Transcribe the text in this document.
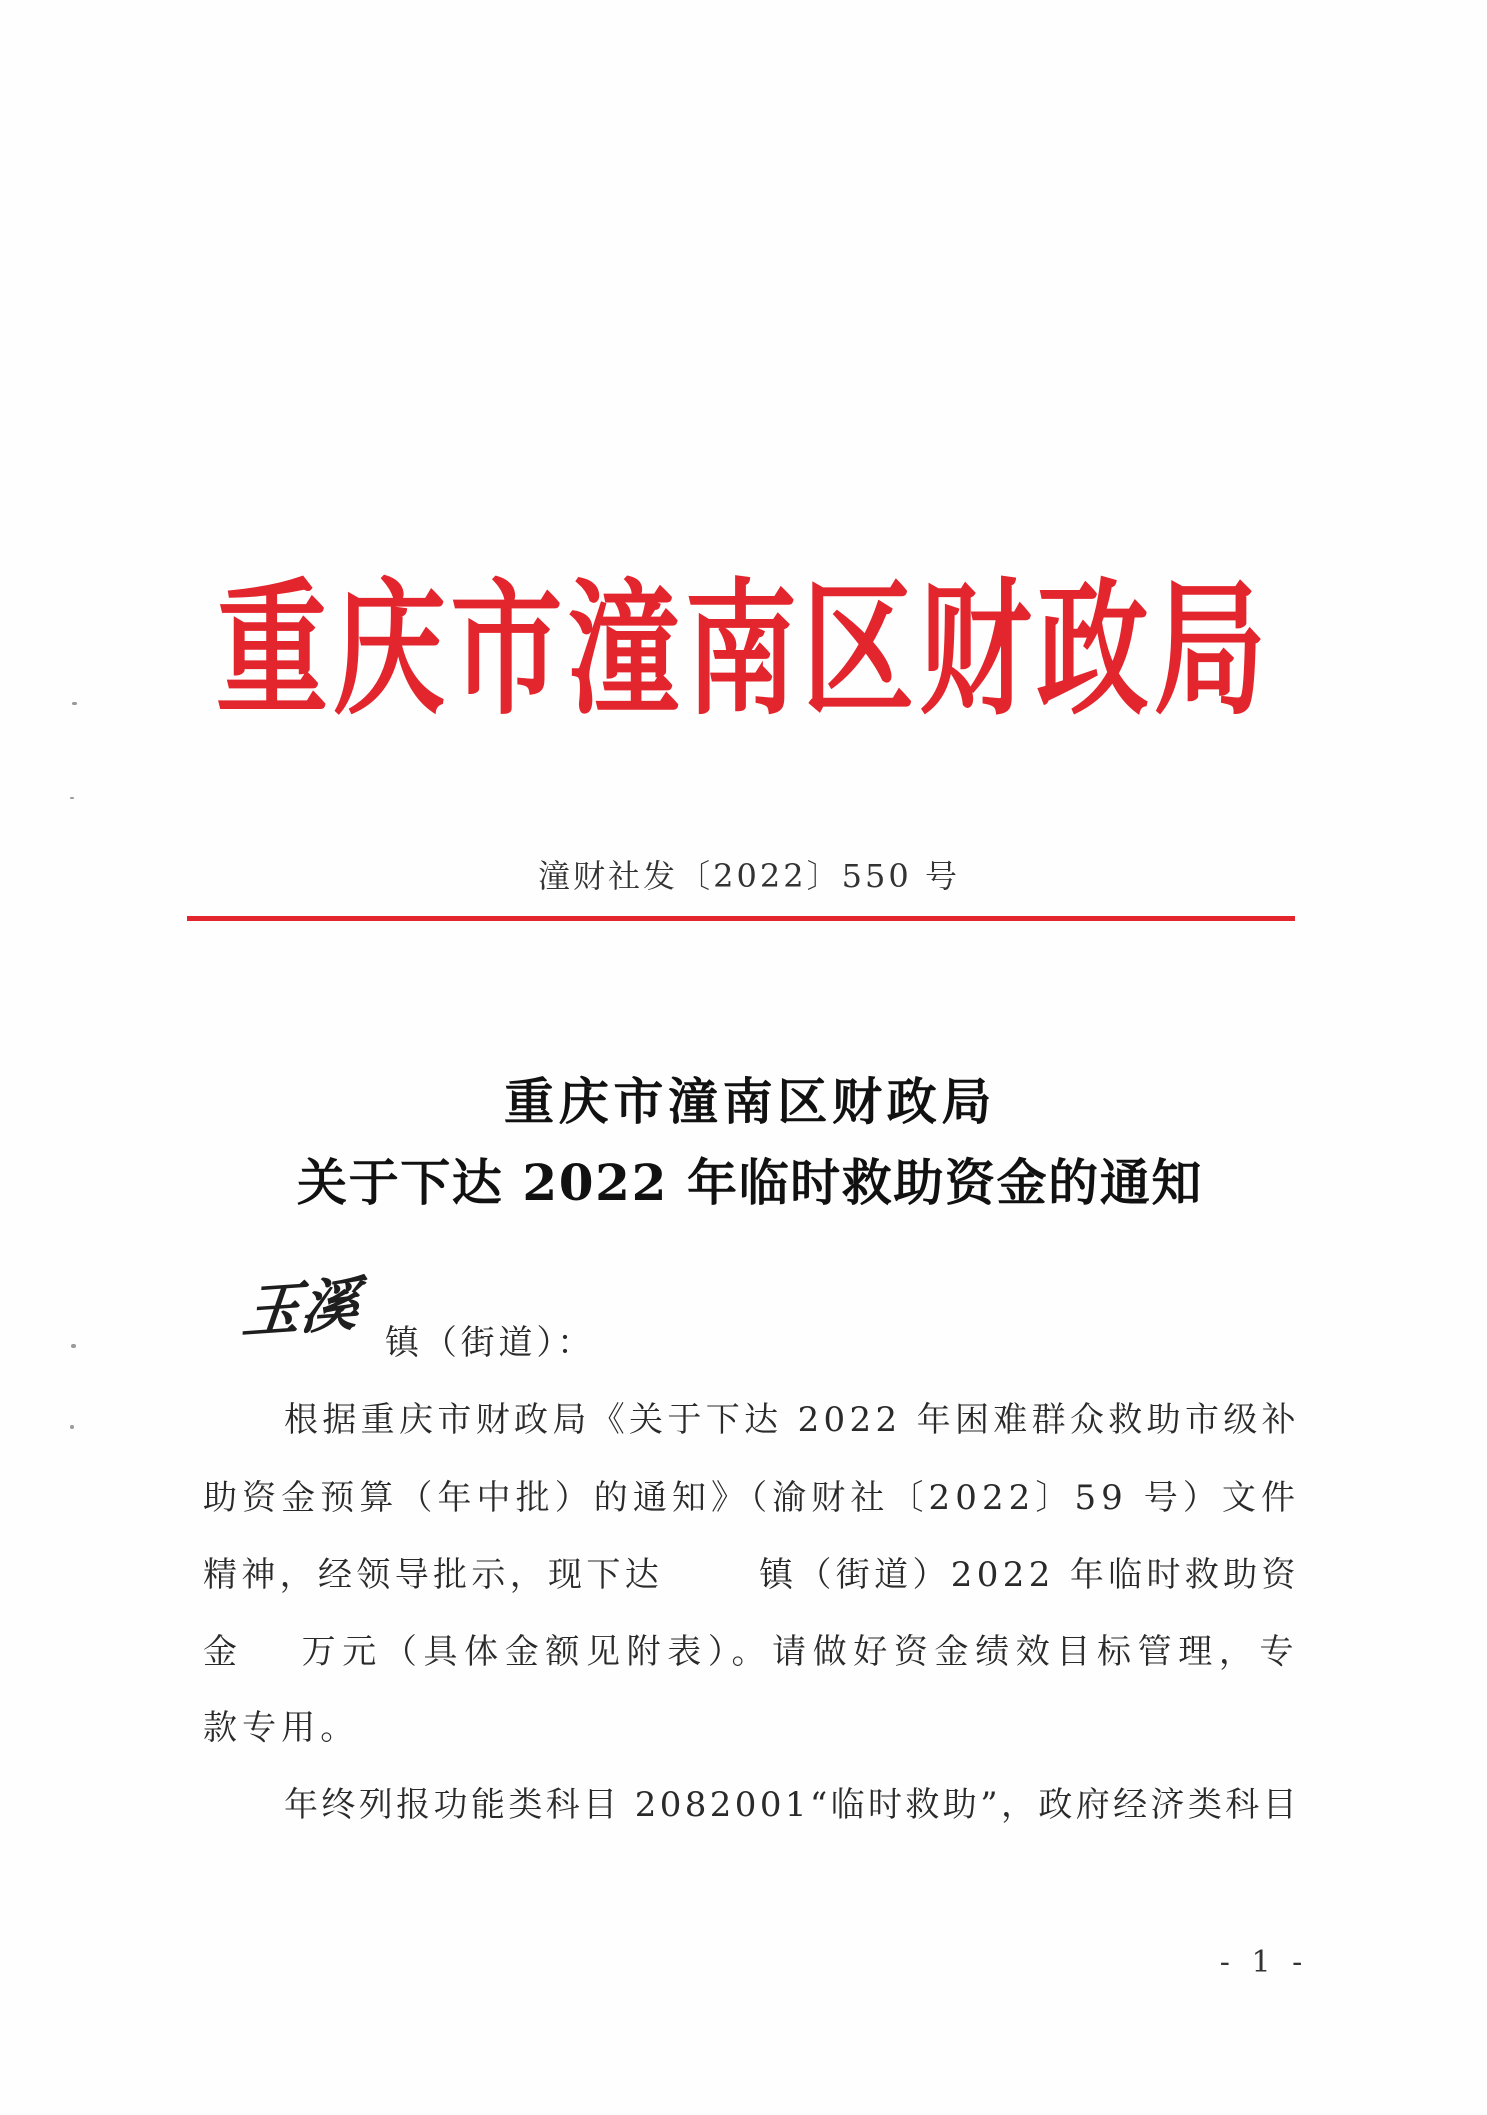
重庆市潼南区财政局
潼财社发〔2022〕550 号
重庆市潼南区财政局
关于下达 2022 年临时救助资金的通知
玉溪 镇（街道）：
根据重庆市财政局《关于下达 2022 年困难群众救助市级补
助资金预算（年中批）的通知》（渝财社〔2022〕59 号）文件
精神，经领导批示，现下达	镇（街道）2022 年临时救助资
金 万元（具体金额见附表）。请做好资金绩效目标管理，专
款专用。
年终列报功能类科目 2082001“临时救助”，政府经济类科目
- 1 -
